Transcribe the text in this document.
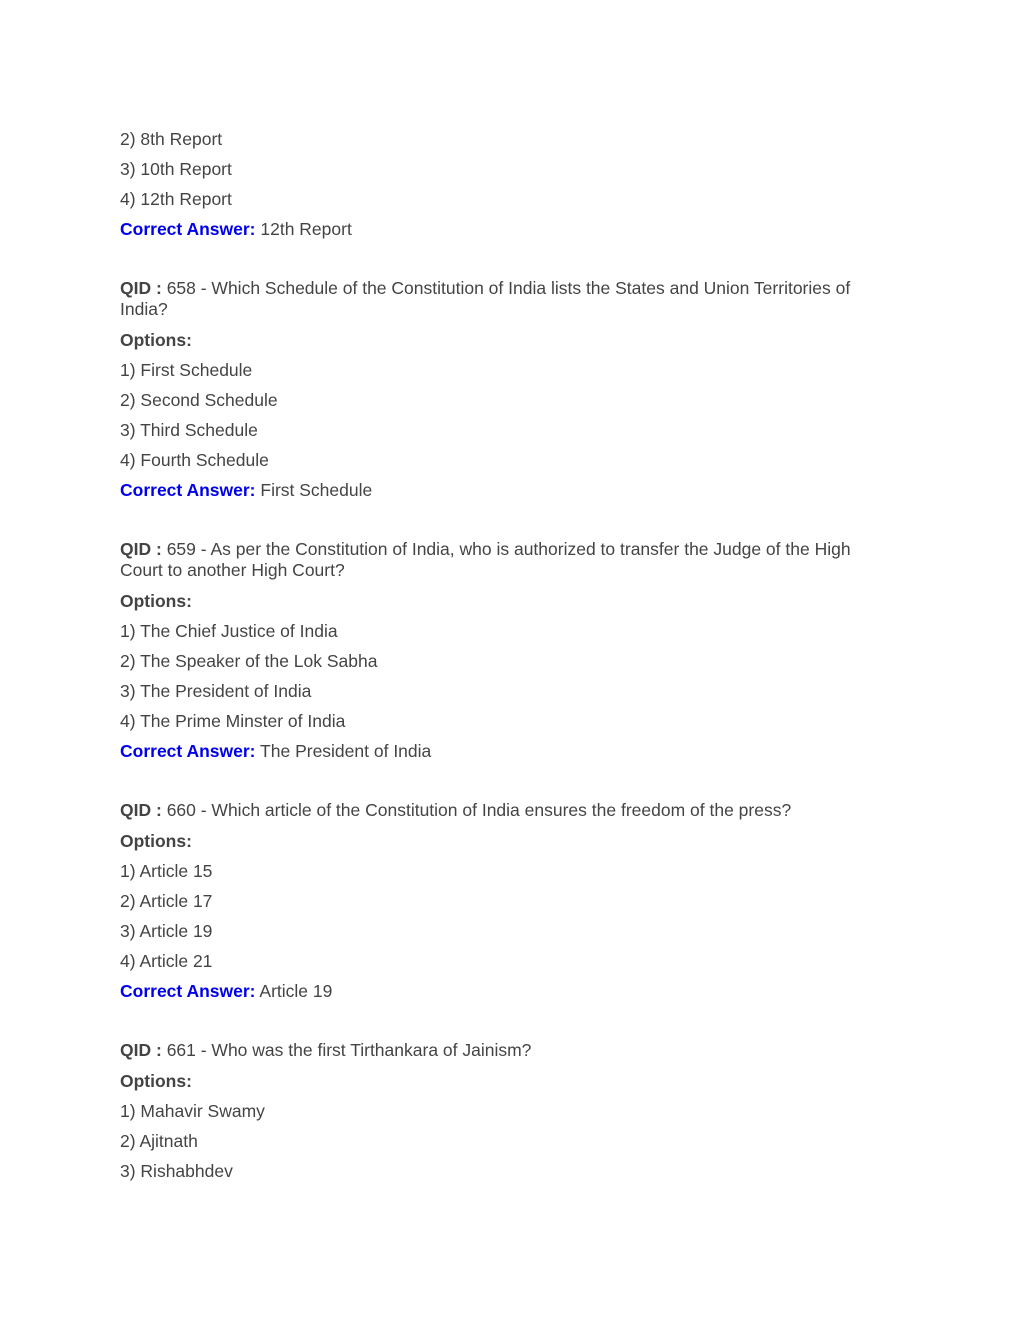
2) 8th Report

3) 10th Report

4) 12th Report

Correct Answer: 12th Report

QID : 658 - Which Schedule of the Constitution of India lists the States and Union Territories of India?

Options:

1) First Schedule

2) Second Schedule

3) Third Schedule

4) Fourth Schedule

Correct Answer: First Schedule

QID : 659 - As per the Constitution of India, who is authorized to transfer the Judge of the High Court to another High Court?

Options:

1) The Chief Justice of India

2) The Speaker of the Lok Sabha

3) The President of India

4) The Prime Minster of India

Correct Answer: The President of India

QID : 660 - Which article of the Constitution of India ensures the freedom of the press?

Options:

1) Article 15

2) Article 17

3) Article 19

4) Article 21

Correct Answer: Article 19

QID : 661 - Who was the first Tirthankara of Jainism?

Options:

1) Mahavir Swamy

2) Ajitnath

3) Rishabhdev
